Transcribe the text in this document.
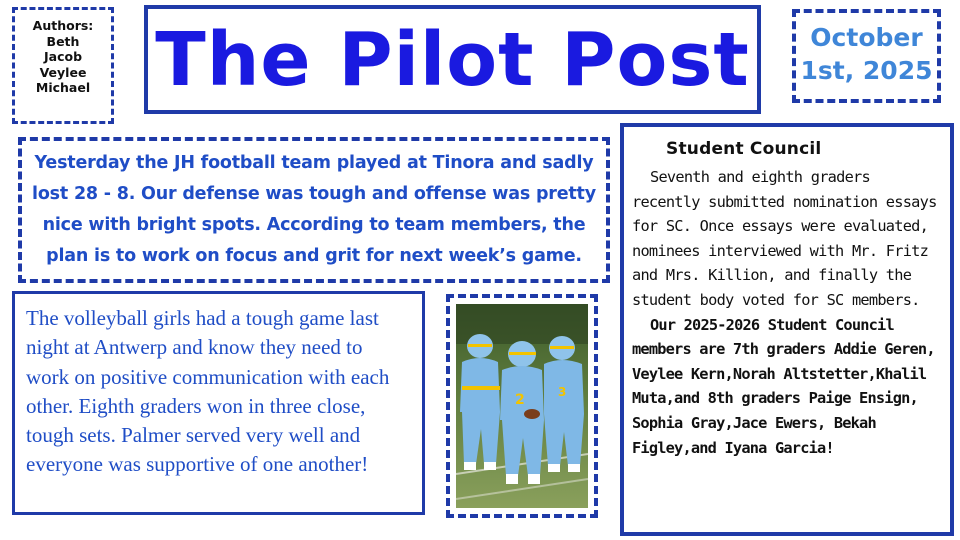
Authors:
Beth
Jacob
Veylee
Michael The Pilot Post	October
1st, 2025

Yesterday the JH football team played at Tinora and sadly lost 28 - 8. Our defense was tough and offense was pretty nice with bright spots. According to team members, the plan is to work on focus and grit for next week’s game.

The volleyball girls had a tough game last night at Antwerp and know they need to work on positive communication with each other. Eighth graders won in three close, tough sets. Palmer served very well and everyone was supportive of one another!

2	3
Student Council

Seventh and eighth graders recently submitted nomination essays for SC. Once essays were evaluated, nominees interviewed with Mr. Fritz and Mrs. Killion, and finally the student body voted for SC members.

Our 2025-2026 Student Council members are 7th graders Addie Geren, Veylee Kern,Norah Altstetter,Khalil Muta,and 8th graders Paige Ensign, Sophia Gray,Jace Ewers, Bekah Figley,and Iyana Garcia!
